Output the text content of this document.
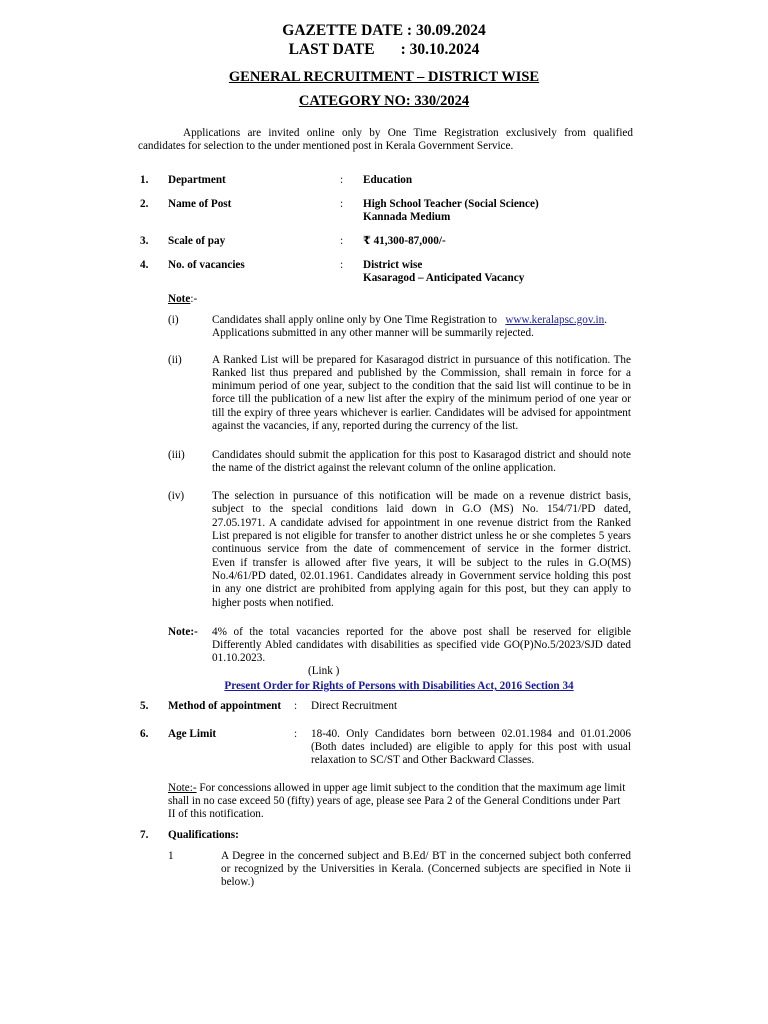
GAZETTE DATE : 30.09.2024
LAST DATE : 30.10.2024
GENERAL RECRUITMENT – DISTRICT WISE
CATEGORY NO: 330/2024
Applications are invited online only by One Time Registration exclusively from qualified
candidates for selection to the under mentioned post in Kerala Government Service.
1. Department	: Education
2. Name of Post	: High School Teacher (Social Science)
Kannada Medium
3. Scale of pay	: ₹ 41,300-87,000/-
4. No. of vacancies	: District wise
Kasaragod – Anticipated Vacancy
Note:-
(i)	Candidates shall apply online only by One Time Registration to www.keralapsc.gov.in.
Applications submitted in any other manner will be summarily rejected.
(ii)	A Ranked List will be prepared for Kasaragod district in pursuance of this notification. The
Ranked list thus prepared and published by the Commission, shall remain in force for a
minimum period of one year, subject to the condition that the said list will continue to be in
force till the publication of a new list after the expiry of the minimum period of one year or
till the expiry of three years whichever is earlier. Candidates will be advised for appointment
against the vacancies, if any, reported during the currency of the list.
(iii) Candidates should submit the application for this post to Kasaragod district and should note
the name of the district against the relevant column of the online application.
(iv) The selection in pursuance of this notification will be made on a revenue district basis,
subject to the special conditions laid down in G.O (MS) No. 154/71/PD dated,
27.05.1971. A candidate advised for appointment in one revenue district from the Ranked
List prepared is not eligible for transfer to another district unless he or she completes 5 years
continuous service from the date of commencement of service in the former district.
Even if transfer is allowed after five years, it will be subject to the rules in G.O(MS)
No.4/61/PD dated, 02.01.1961. Candidates already in Government service holding this post
in any one district are prohibited from applying again for this post, but they can apply to
higher posts when notified.
Note:- 4% of the total vacancies reported for the above post shall be reserved for eligible
Differently Abled candidates with disabilities as specified vide GO(P)No.5/2023/SJD dated
01.10.2023.
(Link )
Present Order for Rights of Persons with Disabilities Act, 2016 Section 34
5. Method of appointment : Direct Recruitment
6. Age Limit	: 18-40. Only Candidates born between 02.01.1984 and 01.01.2006
(Both dates included) are eligible to apply for this post with usual
relaxation to SC/ST and Other Backward Classes.
Note:- For concessions allowed in upper age limit subject to the condition that the maximum age limit
shall in no case exceed 50 (fifty) years of age, please see Para 2 of the General Conditions under Part
II of this notification.
7. Qualifications:
1	A Degree in the concerned subject and B.Ed/ BT in the concerned subject both conferred
or recognized by the Universities in Kerala. (Concerned subjects are specified in Note ii
below.)
